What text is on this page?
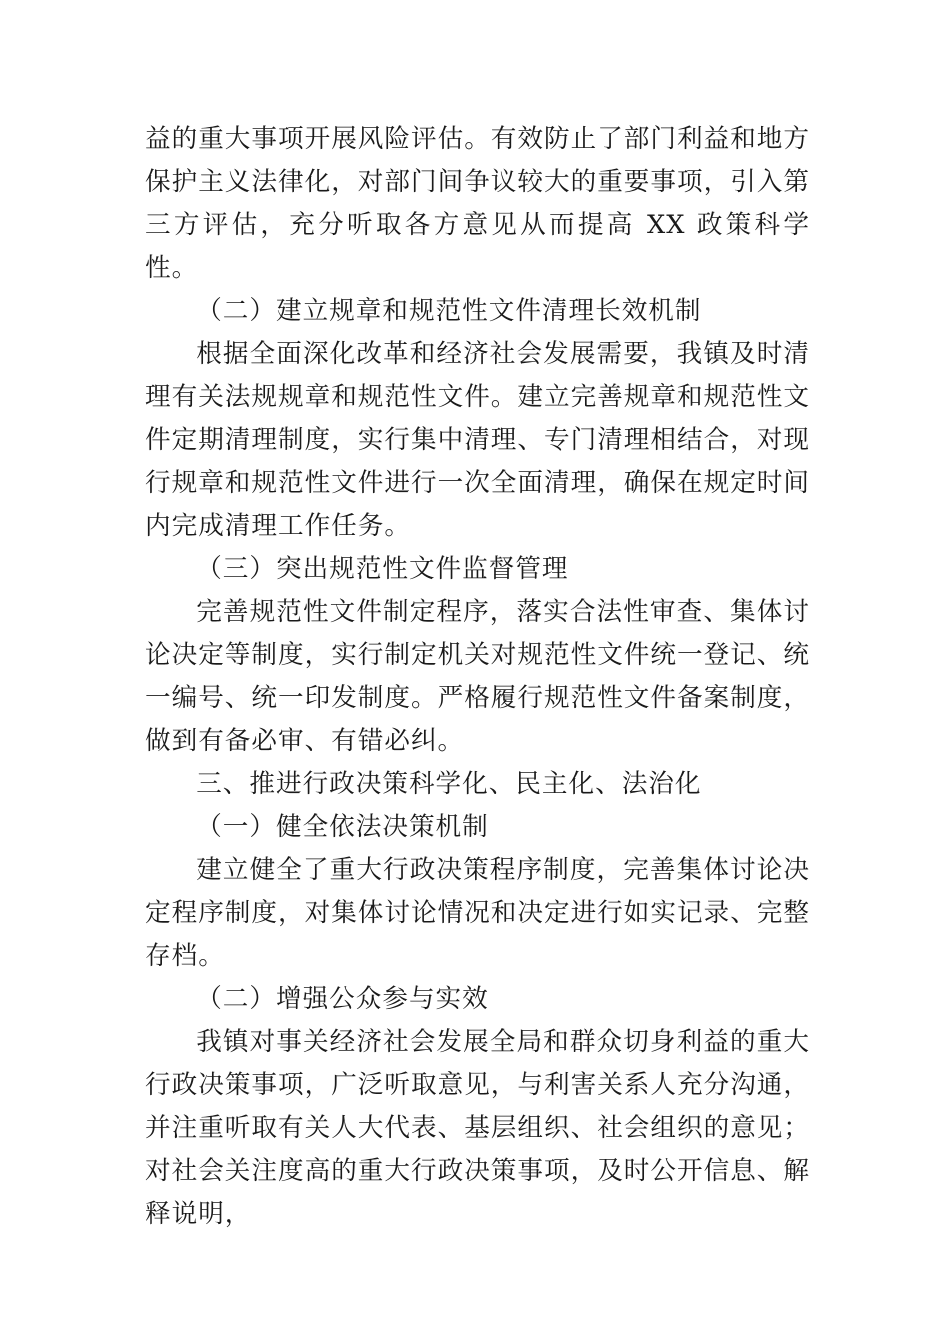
益的重大事项开展风险评估。有效防止了部门利益和地方保护主义法律化，对部门间争议较大的重要事项，引入第三方评估，充分听取各方意见从而提高 XX 政策科学性。

（二）建立规章和规范性文件清理长效机制

根据全面深化改革和经济社会发展需要，我镇及时清理有关法规规章和规范性文件。建立完善规章和规范性文件定期清理制度，实行集中清理、专门清理相结合，对现行规章和规范性文件进行一次全面清理，确保在规定时间内完成清理工作任务。

（三）突出规范性文件监督管理

完善规范性文件制定程序，落实合法性审查、集体讨论决定等制度，实行制定机关对规范性文件统一登记、统一编号、统一印发制度。严格履行规范性文件备案制度，做到有备必审、有错必纠。

三、推进行政决策科学化、民主化、法治化

（一）健全依法决策机制

建立健全了重大行政决策程序制度，完善集体讨论决定程序制度，对集体讨论情况和决定进行如实记录、完整存档。

（二）增强公众参与实效

我镇对事关经济社会发展全局和群众切身利益的重大行政决策事项，广泛听取意见，与利害关系人充分沟通，并注重听取有关人大代表、基层组织、社会组织的意见；对社会关注度高的重大行政决策事项，及时公开信息、解释说明，
